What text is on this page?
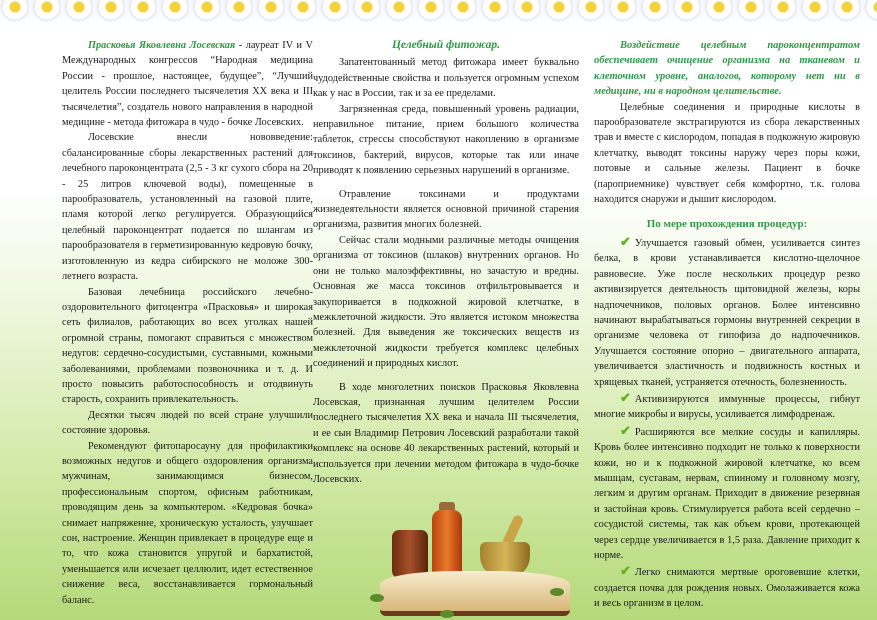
Прасковья Яковлевна Лосевская - лауреат IV и V Международных конгрессов “Народная медицина России - прошлое, настоящее, будущее”, “Лучший целитель России последнего тысячелетия XX века и III тысячелетия”, создатель нового направления в народной медицине - метода фитожара в чудо - бочке Лосевских.

Лосевские внесли нововведение: сбалансированные сборы лекарственных растений для лечебного пароконцентрата (2,5 - 3 кг сухого сбора на 20 - 25 литров ключевой воды), помещенные в парообразователь, установленный на газовой плите, пламя которой легко регулируется. Образующийся целебный пароконцентрат подается по шлангам из парообразователя в герметизированную кедровую бочку, изготовленную из кедра сибирского не моложе 300-летнего возраста.

Базовая лечебница российского лечебно-оздоровительного фитоцентра «Прасковья» и широкая сеть филиалов, работающих во всех уголках нашей огромной страны, помогают справиться с множеством недугов: сердечно-сосудистыми, суставными, кожными заболеваниями, проблемами позвоночника и т. д. И просто повысить работоспособность и отодвинуть старость, сохранить привлекательность.

Десятки тысяч людей по всей стране улучшили состояние здоровья.

Рекомендуют фитопаросауну для профилактики возможных недугов и общего оздоровления организма мужчинам, занимающимся бизнесом, профессиональным спортом, офисным работникам, проводящим день за компьютером. «Кедровая бочка» снимает напряжение, хроническую усталость, улучшает сон, настроение. Женщин привлекает в процедуре еще и то, что кожа становится упругой и бархатистой, уменьшается или исчезает целлюлит, идет естественное снижение веса, восстанавливается гормональный баланс.

Целебный фитожар.

Запатентованный метод фитожара имеет буквально чудодейственные свойства и пользуется огромным успехом как у нас в России, так и за ее пределами.

Загрязненная среда, повышенный уровень радиации, неправильное питание, прием большого количества таблеток, стрессы способствуют накоплению в организме токсинов, бактерий, вирусов, которые так или иначе приводят к появлению серьезных нарушений в организме.

Отравление токсинами и продуктами жизнедеятельности является основной причиной старения организма, развития многих болезней.

Сейчас стали модными различные методы очищения организма от токсинов (шлаков) внутренних органов. Но они не только малоэффективны, но зачастую и вредны. Основная же масса токсинов отфильтровывается и закупоривается в подкожной жировой клетчатке, в межклеточной жидкости. Это является истоком множества болезней. Для выведения же токсических веществ из межклеточной жидкости требуется комплекс целебных соединений и природных кислот.

В ходе многолетних поисков Прасковья Яковлевна Лосевская, признанная лучшим целителем России последнего тысячелетия XX века и начала III тысячелетия, и ее сын Владимир Петрович Лосевский разработали такой комплекс на основе 40 лекарственных растений, который и используется при лечении методом фитожара в чудо-бочке Лосевских.

Воздействие целебным пароконцентратом обеспечивает очищение организма на тканевом и клеточном уровне, аналогов, которому нет ни в медицине, ни в народном целительстве.

Целебные соединения и природные кислоты в парообразователе экстрагируются из сбора лекарственных трав и вместе с кислородом, попадая в подкожную жировую клетчатку, выводят токсины наружу через поры кожи, потовые и сальные железы. Пациент в бочке (пароприемнике) чувствует себя комфортно, т.к. голова находится снаружи и дышит кислородом.

По мере прохождения процедур:

✔ Улучшается газовый обмен, усиливается синтез белка, в крови устанавливается кислотно-щелочное равновесие. Уже после нескольких процедур резко активизируется деятельность щитовидной железы, коры надпочечников, половых органов. Более интенсивно начинают вырабатываться гормоны внутренней секреции в организме человека от гипофиза до надпочечников. Улучшается состояние опорно – двигательного аппарата, увеличивается эластичность и подвижность костных и хрящевых тканей, устраняется отечность, болезненность.

✔ Активизируются иммунные процессы, гибнут многие микробы и вирусы, усиливается лимфодренаж.

✔ Расширяются все мелкие сосуды и капилляры. Кровь более интенсивно подходит не только к поверхности кожи, но и к подкожной жировой клетчатке, ко всем мышцам, суставам, нервам, спинному и головному мозгу, легким и другим органам. Приходит в движение резервная и застойная кровь. Стимулируется работа всей сердечно – сосудистой системы, так как объем крови, протекающей через сердце увеличивается в 1,5 раза. Давление приходит к норме.

✔ Легко снимаются мертвые ороговевшие клетки, создается почва для рождения новых. Омолаживается кожа и весь организм в целом.
